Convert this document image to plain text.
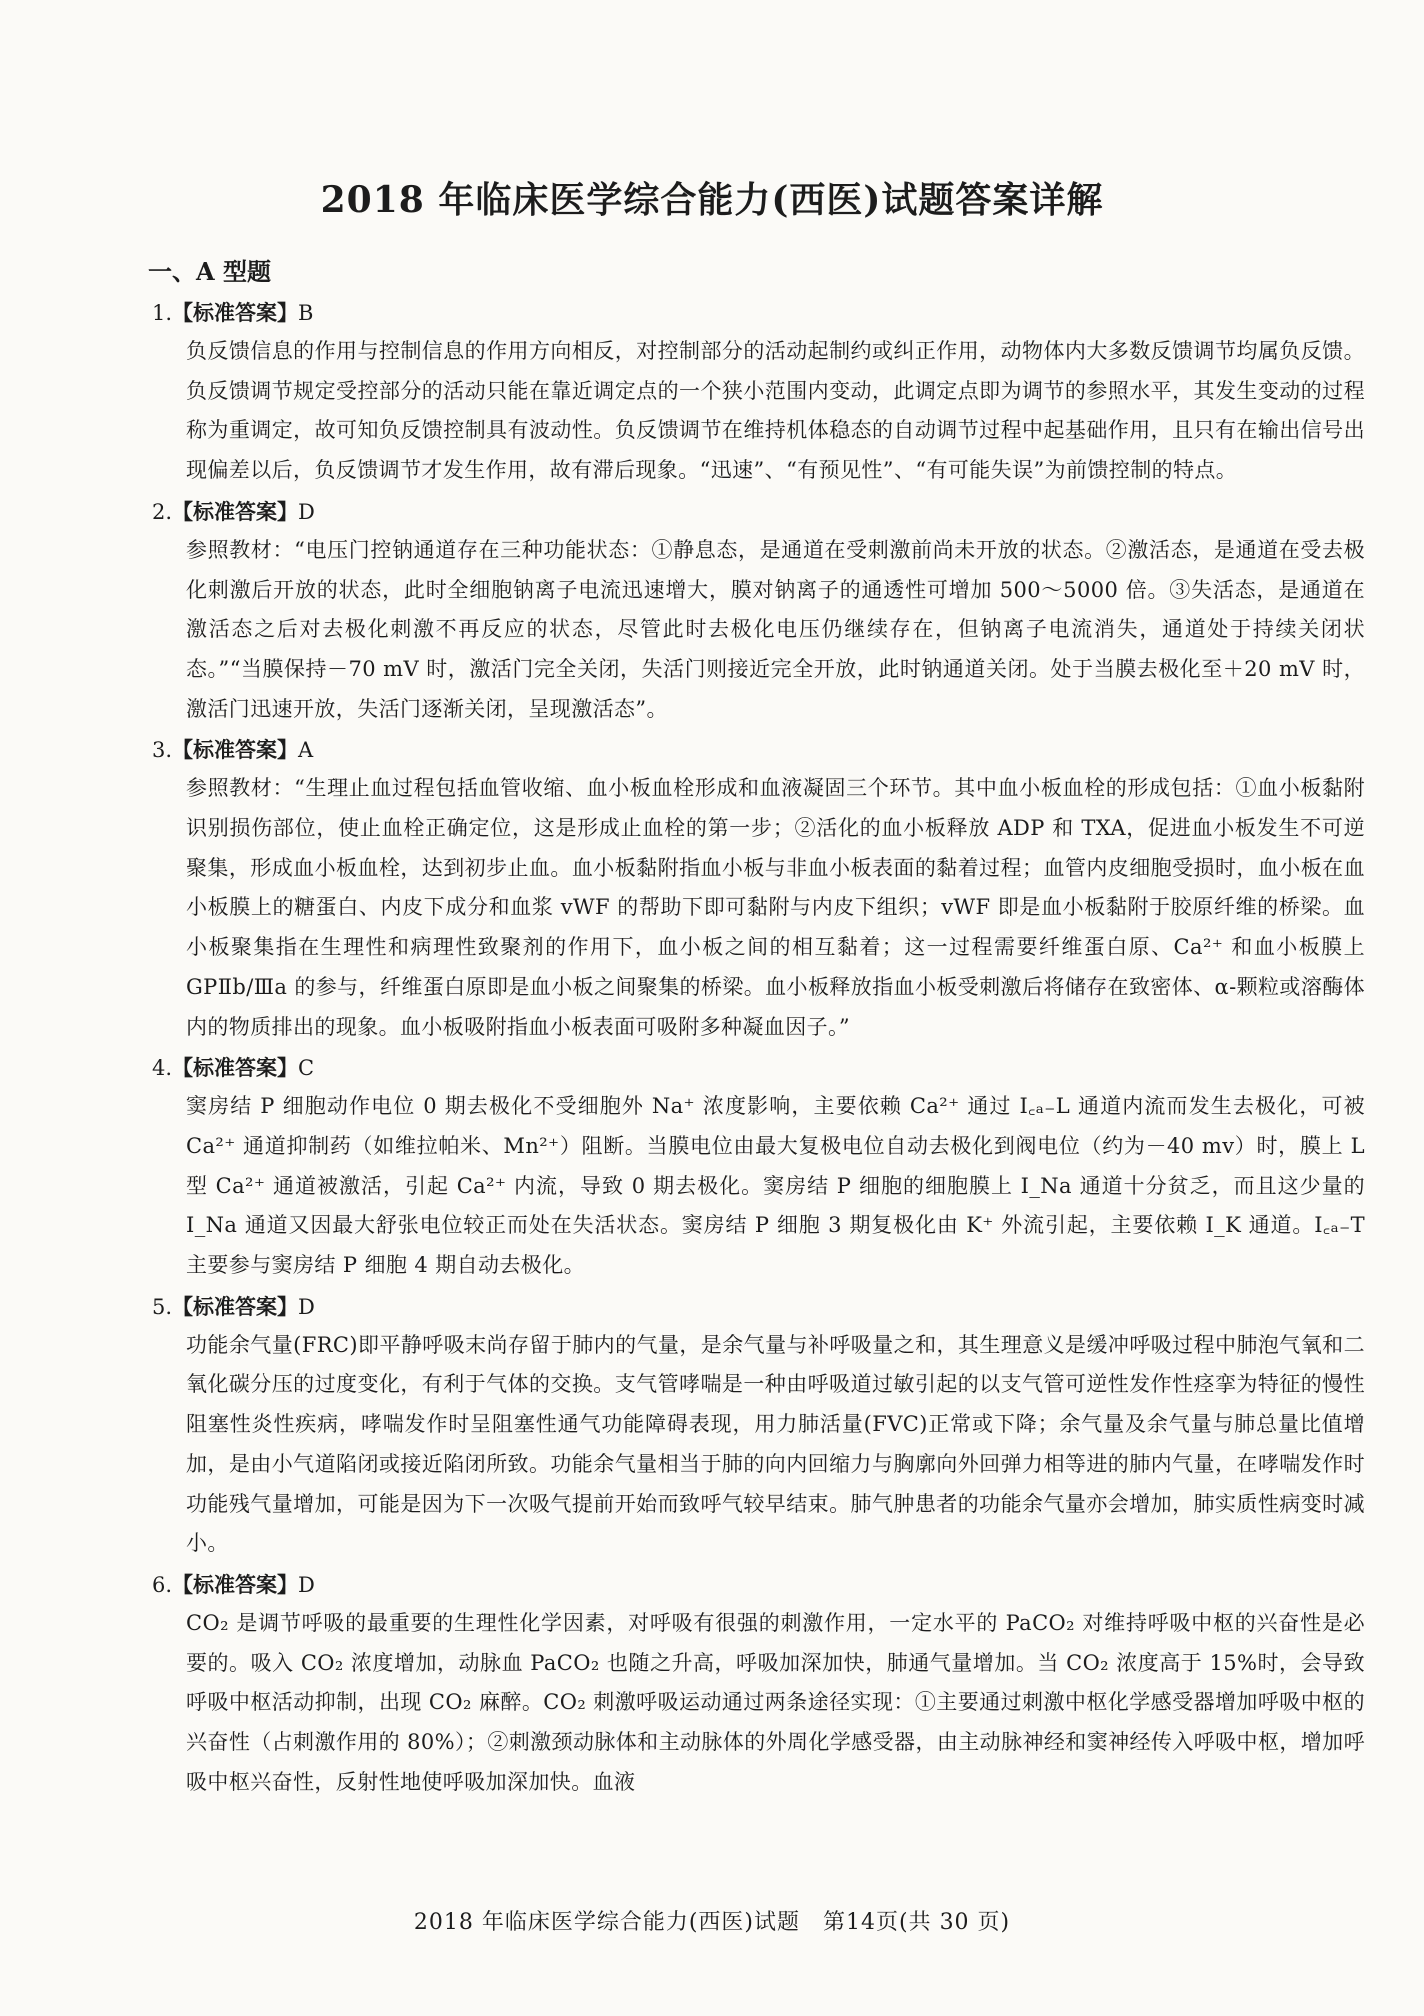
2018 年临床医学综合能力(西医)试题答案详解
一、A 型题
1.【标准答案】B
负反馈信息的作用与控制信息的作用方向相反，对控制部分的活动起制约或纠正作用，动物体内大多数反馈调节均属负反馈。负反馈调节规定受控部分的活动只能在靠近调定点的一个狭小范围内变动，此调定点即为调节的参照水平，其发生变动的过程称为重调定，故可知负反馈控制具有波动性。负反馈调节在维持机体稳态的自动调节过程中起基础作用，且只有在输出信号出现偏差以后，负反馈调节才发生作用，故有滞后现象。“迅速”、“有预见性”、“有可能失误”为前馈控制的特点。
2.【标准答案】D
参照教材：“电压门控钠通道存在三种功能状态：①静息态，是通道在受刺激前尚未开放的状态。②激活态，是通道在受去极化刺激后开放的状态，此时全细胞钠离子电流迅速增大，膜对钠离子的通透性可增加 500～5000 倍。③失活态，是通道在激活态之后对去极化刺激不再反应的状态，尽管此时去极化电压仍继续存在，但钠离子电流消失，通道处于持续关闭状态。”“当膜保持－70 mV 时，激活门完全关闭，失活门则接近完全开放，此时钠通道关闭。处于当膜去极化至＋20 mV 时，激活门迅速开放，失活门逐渐关闭，呈现激活态”。
3.【标准答案】A
参照教材：“生理止血过程包括血管收缩、血小板血栓形成和血液凝固三个环节。其中血小板血栓的形成包括：①血小板黏附识别损伤部位，使止血栓正确定位，这是形成止血栓的第一步；②活化的血小板释放 ADP 和 TXA，促进血小板发生不可逆聚集，形成血小板血栓，达到初步止血。血小板黏附指血小板与非血小板表面的黏着过程；血管内皮细胞受损时，血小板在血小板膜上的糖蛋白、内皮下成分和血浆 vWF 的帮助下即可黏附与内皮下组织；vWF 即是血小板黏附于胶原纤维的桥梁。血小板聚集指在生理性和病理性致聚剂的作用下，血小板之间的相互黏着；这一过程需要纤维蛋白原、Ca²⁺ 和血小板膜上 GPⅡb/Ⅲa 的参与，纤维蛋白原即是血小板之间聚集的桥梁。血小板释放指血小板受刺激后将储存在致密体、α-颗粒或溶酶体内的物质排出的现象。血小板吸附指血小板表面可吸附多种凝血因子。”
4.【标准答案】C
窦房结 P 细胞动作电位 0 期去极化不受细胞外 Na⁺ 浓度影响，主要依赖 Ca²⁺ 通过 I꜀ₐ₋L 通道内流而发生去极化，可被 Ca²⁺ 通道抑制药（如维拉帕米、Mn²⁺）阻断。当膜电位由最大复极电位自动去极化到阀电位（约为－40 mv）时，膜上 L 型 Ca²⁺ 通道被激活，引起 Ca²⁺ 内流，导致 0 期去极化。窦房结 P 细胞的细胞膜上 I_Na 通道十分贫乏，而且这少量的 I_Na 通道又因最大舒张电位较正而处在失活状态。窦房结 P 细胞 3 期复极化由 K⁺ 外流引起，主要依赖 I_K 通道。I꜀ₐ₋T 主要参与窦房结 P 细胞 4 期自动去极化。
5.【标准答案】D
功能余气量(FRC)即平静呼吸末尚存留于肺内的气量，是余气量与补呼吸量之和，其生理意义是缓冲呼吸过程中肺泡气氧和二氧化碳分压的过度变化，有利于气体的交换。支气管哮喘是一种由呼吸道过敏引起的以支气管可逆性发作性痉挛为特征的慢性阻塞性炎性疾病，哮喘发作时呈阻塞性通气功能障碍表现，用力肺活量(FVC)正常或下降；余气量及余气量与肺总量比值增加，是由小气道陷闭或接近陷闭所致。功能余气量相当于肺的向内回缩力与胸廓向外回弹力相等进的肺内气量，在哮喘发作时功能残气量增加，可能是因为下一次吸气提前开始而致呼气较早结束。肺气肿患者的功能余气量亦会增加，肺实质性病变时减小。
6.【标准答案】D
CO₂ 是调节呼吸的最重要的生理性化学因素，对呼吸有很强的刺激作用，一定水平的 PaCO₂ 对维持呼吸中枢的兴奋性是必要的。吸入 CO₂ 浓度增加，动脉血 PaCO₂ 也随之升高，呼吸加深加快，肺通气量增加。当 CO₂ 浓度高于 15%时，会导致呼吸中枢活动抑制，出现 CO₂ 麻醉。CO₂ 刺激呼吸运动通过两条途径实现：①主要通过刺激中枢化学感受器增加呼吸中枢的兴奋性（占刺激作用的 80%）；②刺激颈动脉体和主动脉体的外周化学感受器，由主动脉神经和窦神经传入呼吸中枢，增加呼吸中枢兴奋性，反射性地使呼吸加深加快。血液
2018 年临床医学综合能力(西医)试题　第14页(共 30 页)
